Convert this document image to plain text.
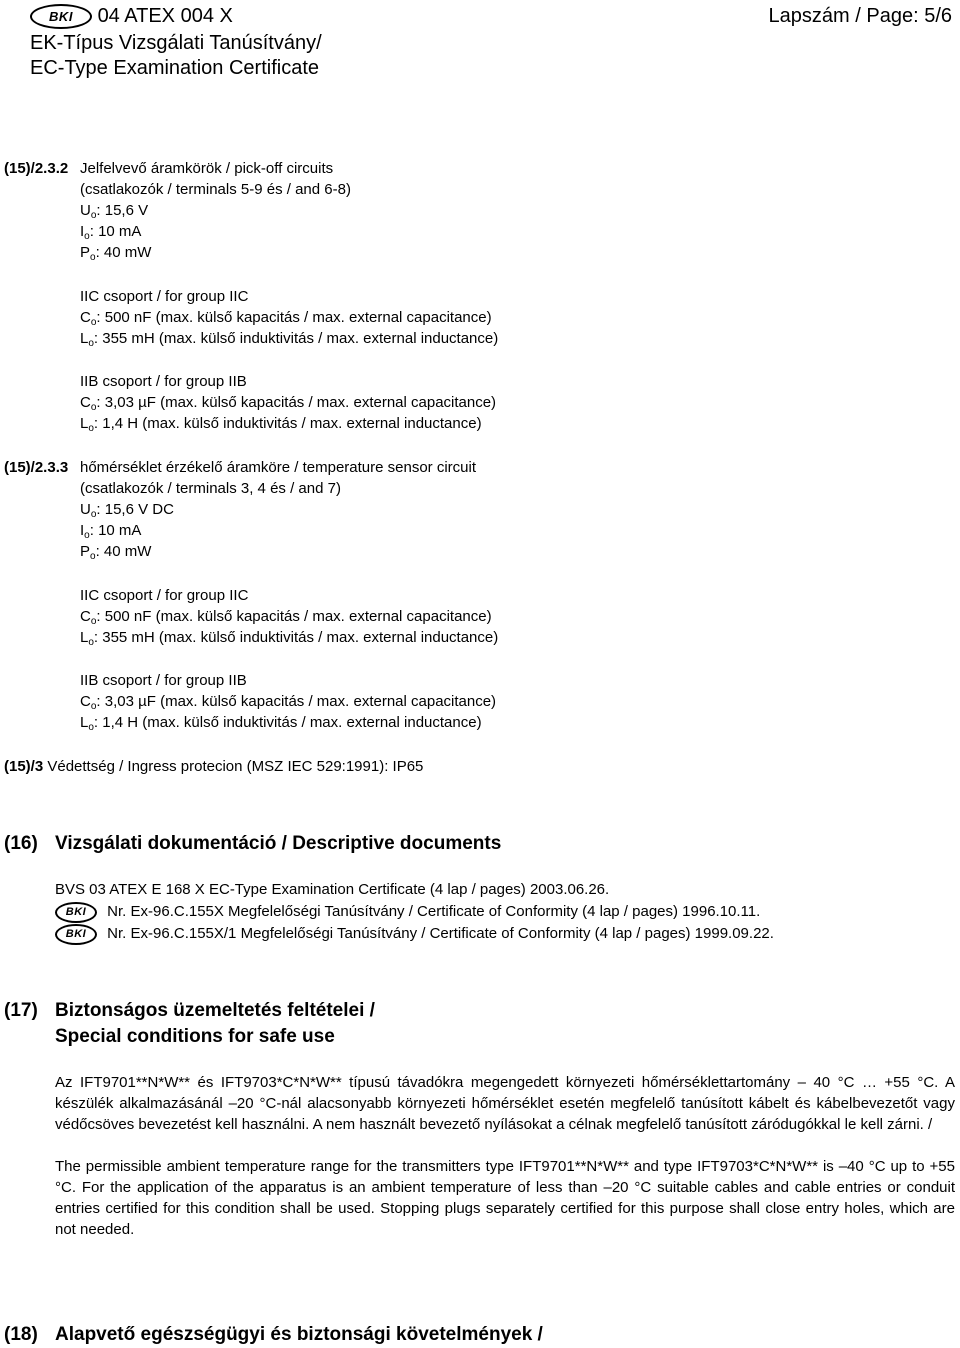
BKI 04 ATEX 004 X	Lapszám / Page: 5/6
EK-Típus Vizsgálati Tanúsítvány/
EC-Type Examination Certificate
(15)/2.3.2 Jelfelvevő áramkörök / pick-off circuits
(csatlakozók / terminals 5-9 és / and 6-8)
$U_o$: 15,6 V
$I_o$: 10 mA
$P_o$: 40 mW
IIC csoport / for group IIC
$C_o$: 500 nF (max. külső kapacitás / max. external capacitance)
$L_o$: 355 mH (max. külső induktivitás / max. external inductance)
IIB csoport / for group IIB
$C_o$: 3,03 µF (max. külső kapacitás / max. external capacitance)
$L_o$: 1,4 H (max. külső induktivitás / max. external inductance)
(15)/2.3.3 hőmérséklet érzékelő áramköre / temperature sensor circuit
(csatlakozók / terminals 3, 4 és / and 7)
$U_o$: 15,6 V DC
$I_o$: 10 mA
$P_o$: 40 mW
IIC csoport / for group IIC
$C_o$: 500 nF (max. külső kapacitás / max. external capacitance)
$L_o$: 355 mH (max. külső induktivitás / max. external inductance)
IIB csoport / for group IIB
$C_o$: 3,03 µF (max. külső kapacitás / max. external capacitance)
$L_o$: 1,4 H (max. külső induktivitás / max. external inductance)
(15)/3 Védettség / Ingress protecion (MSZ IEC 529:1991): IP65
(16) Vizsgálati dokumentáció / Descriptive documents
BVS 03 ATEX E 168 X EC-Type Examination Certificate (4 lap / pages) 2003.06.26.
BKI Nr. Ex-96.C.155X Megfelelőségi Tanúsítvány / Certificate of Conformity (4 lap / pages) 1996.10.11.
BKI Nr. Ex-96.C.155X/1 Megfelelőségi Tanúsítvány / Certificate of Conformity (4 lap / pages) 1999.09.22.
(17) Biztonságos üzemeltetés feltételei /
Special conditions for safe use
Az IFT9701**N*W** és IFT9703*C*N*W** típusú távadókra megengedett környezeti hőmérséklettartomány – 40 °C … +55 °C. A készülék alkalmazásánál –20 °C-nál alacsonyabb környezeti hőmérséklet esetén megfelelő tanúsított kábelt és kábelbevezetőt vagy védőcsöves bevezetést kell használni. A nem használt bevezető nyílásokat a célnak megfelelő tanúsított záródugókkal le kell zárni. /
The permissible ambient temperature range for the transmitters type IFT9701**N*W** and type IFT9703*C*N*W** is –40 °C up to +55 °C. For the application of the apparatus is an ambient temperature of less than –20 °C suitable cables and cable entries or conduit entries certified for this condition shall be used. Stopping plugs separately certified for this purpose shall close entry holes, which are not needed.
(18) Alapvető egészségügyi és biztonsági követelmények /
